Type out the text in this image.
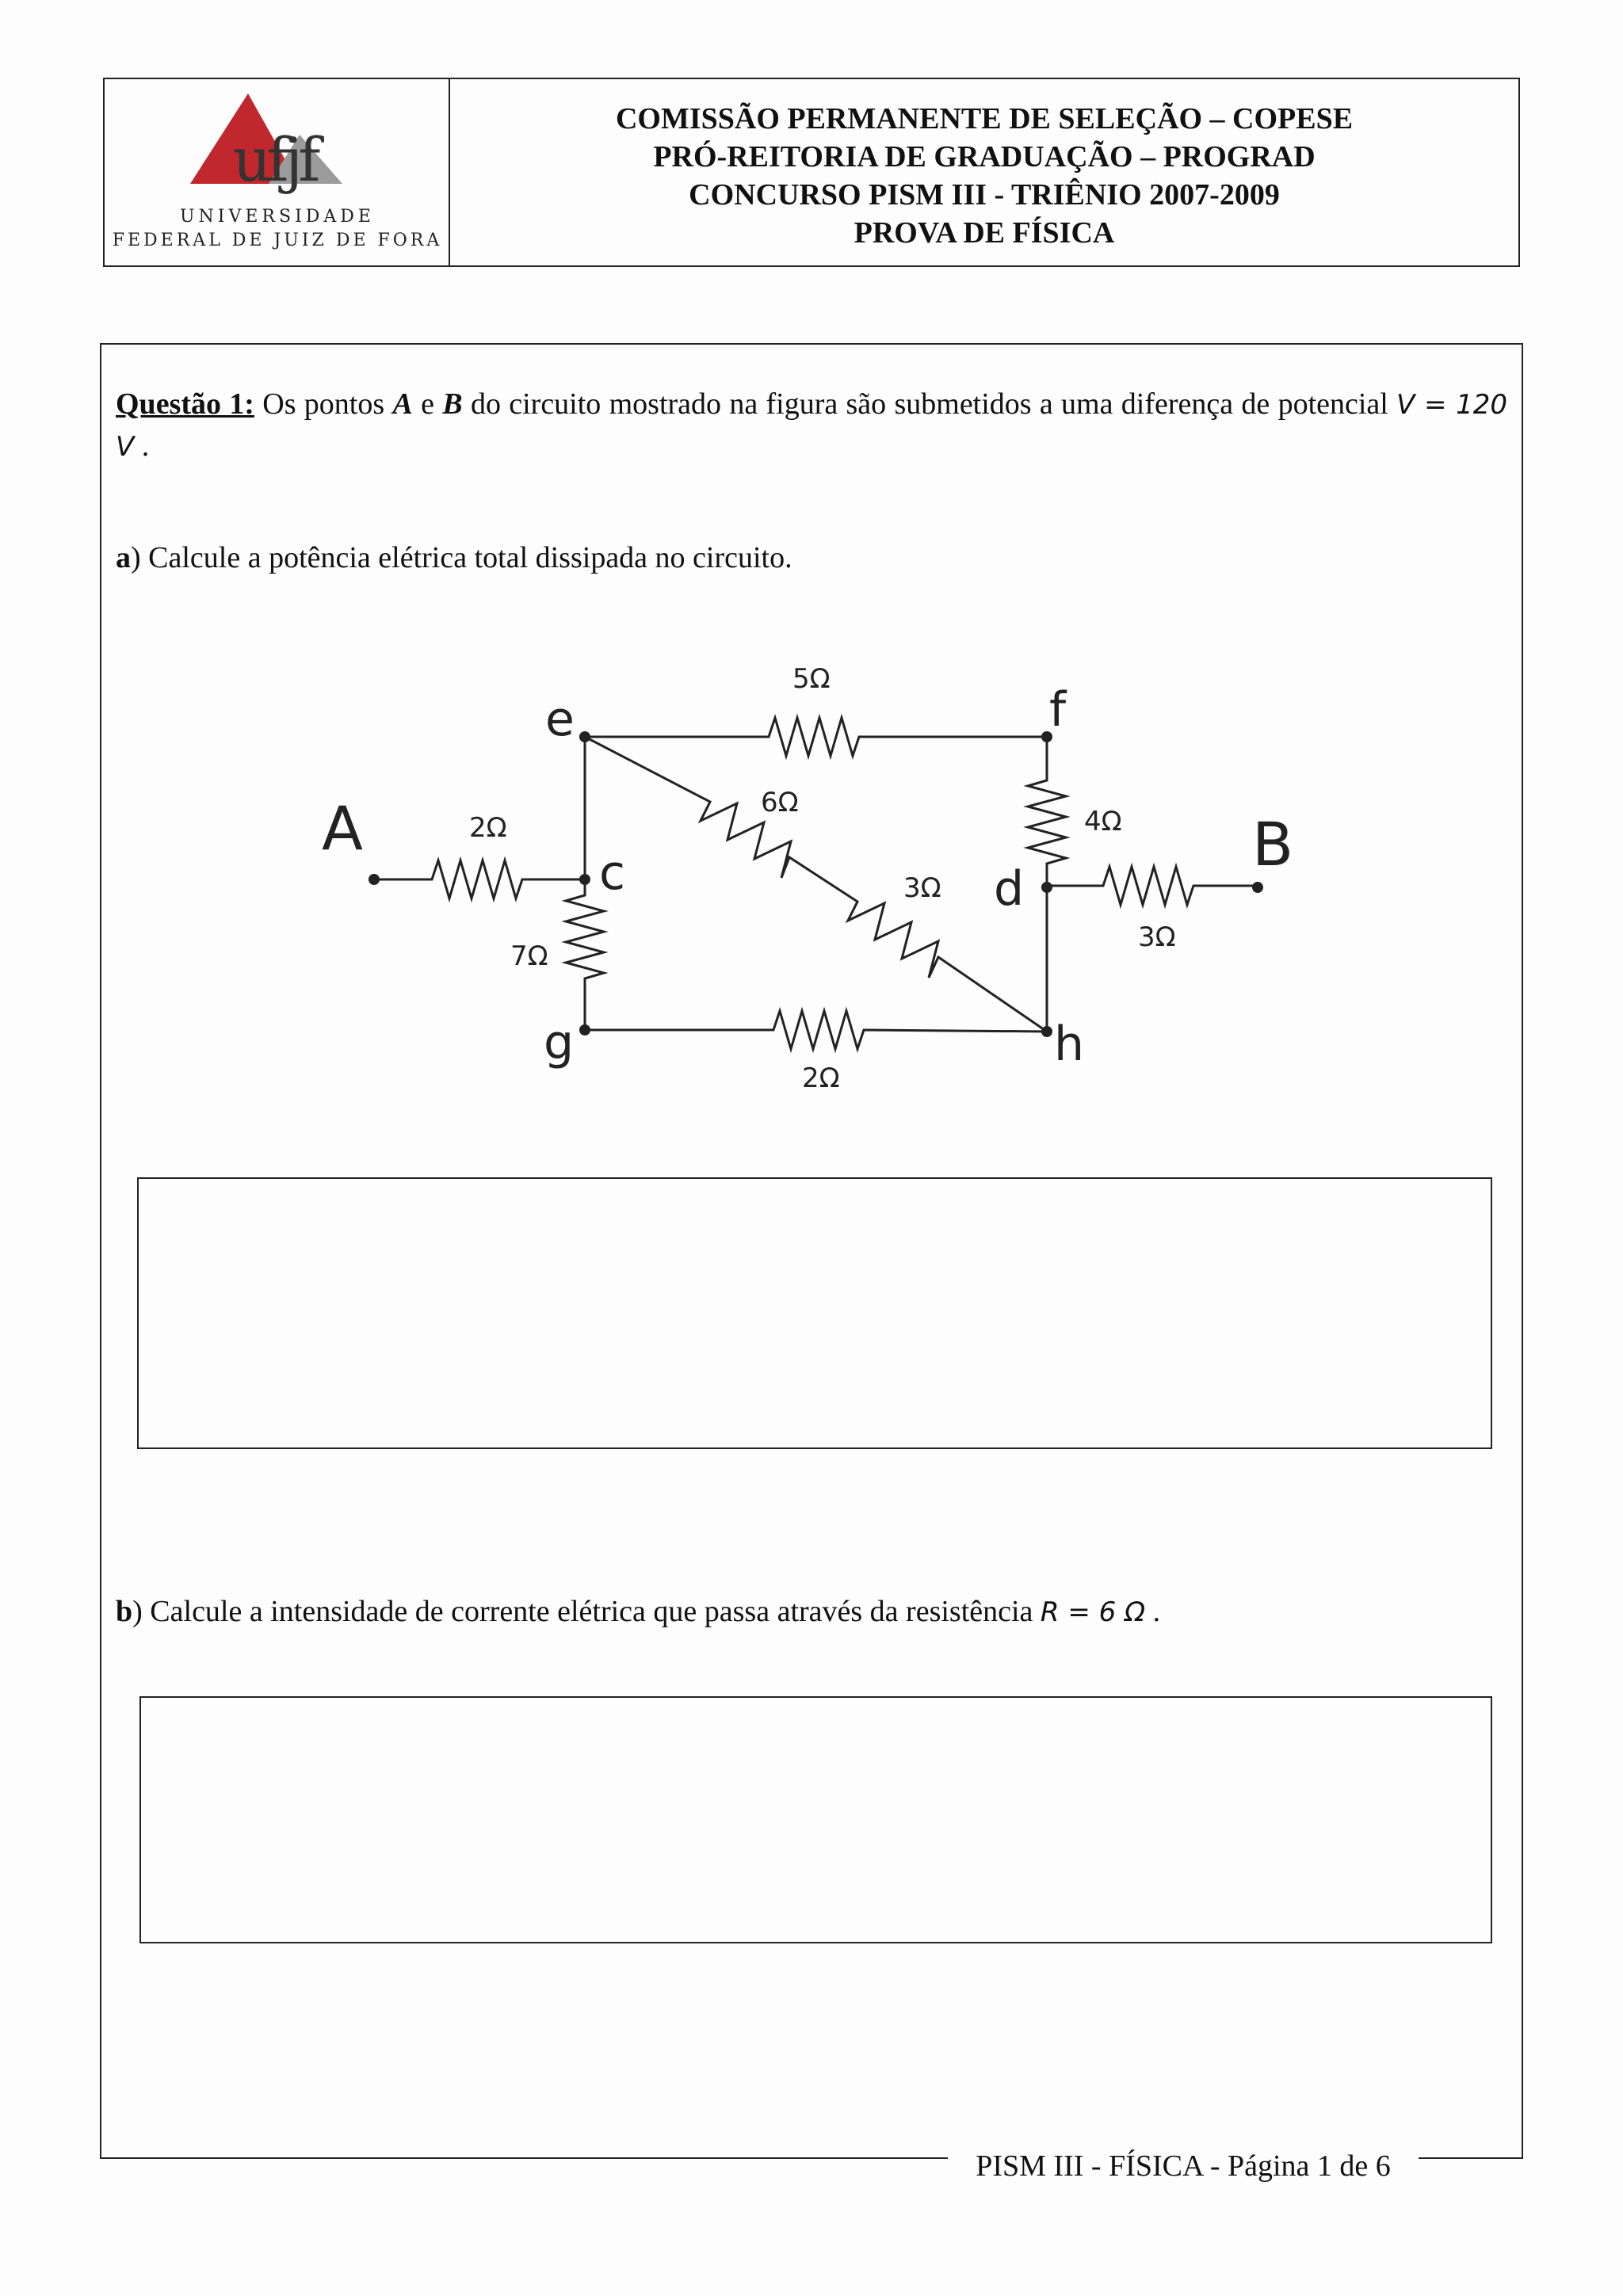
ufjf
UNIVERSIDADE
FEDERAL DE JUIZ DE FORA
COMISSÃO PERMANENTE DE SELEÇÃO – COPESE
PRÓ-REITORIA DE GRADUAÇÃO – PROGRAD
CONCURSO PISM III - TRIÊNIO 2007-2009
PROVA DE FÍSICA
Questão 1: Os pontos A e B do circuito mostrado na figura são submetidos a uma diferença de potencial V = 120 V .
a) Calcule a potência elétrica total dissipada no circuito.
A	B
c	d
e	f
g	h
2Ω
5Ω
4Ω
3Ω
7Ω
2Ω
6Ω
3Ω
b) Calcule a intensidade de corrente elétrica que passa através da resistência R = 6 Ω .
PISM III - FÍSICA - Página 1 de 6
